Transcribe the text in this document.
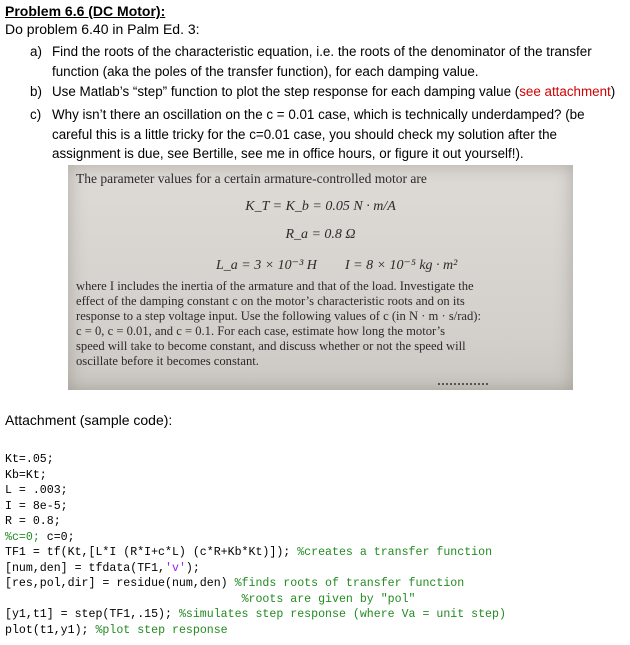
Problem 6.6 (DC Motor):
Do problem 6.40 in Palm Ed. 3:
a) Find the roots of the characteristic equation, i.e. the roots of the denominator of the transfer function (aka the poles of the transfer function), for each damping value.
b) Use Matlab’s “step” function to plot the step response for each damping value (see attachment)
c) Why isn’t there an oscillation on the c = 0.01 case, which is technically underdamped? (be careful this is a little tricky for the c=0.01 case, you should check my solution after the assignment is due, see Bertille, see me in office hours, or figure it out yourself!).
The parameter values for a certain armature-controlled motor are
K_T = K_b = 0.05 N · m/A
R_a = 0.8 Ω
L_a = 3 × 10⁻³ H I = 8 × 10⁻⁵ kg · m²
where I includes the inertia of the armature and that of the load. Investigate the
effect of the damping constant c on the motor’s characteristic roots and on its
response to a step voltage input. Use the following values of c (in N · m · s/rad):
c = 0, c = 0.01, and c = 0.1. For each case, estimate how long the motor’s
speed will take to become constant, and discuss whether or not the speed will
oscillate before it becomes constant.
Attachment (sample code):
Kt=.05;
Kb=Kt;
L = .003;
I = 8e-5;
R = 0.8;
%c=0; c=0;
TF1 = tf(Kt,[L*I (R*I+c*L) (c*R+Kb*Kt)]); %creates a transfer function
[num,den] = tfdata(TF1,'v');
[res,pol,dir] = residue(num,den) %finds roots of transfer function
%roots are given by "pol"
[y1,t1] = step(TF1,.15); %simulates step response (where Va = unit step)
plot(t1,y1); %plot step response
